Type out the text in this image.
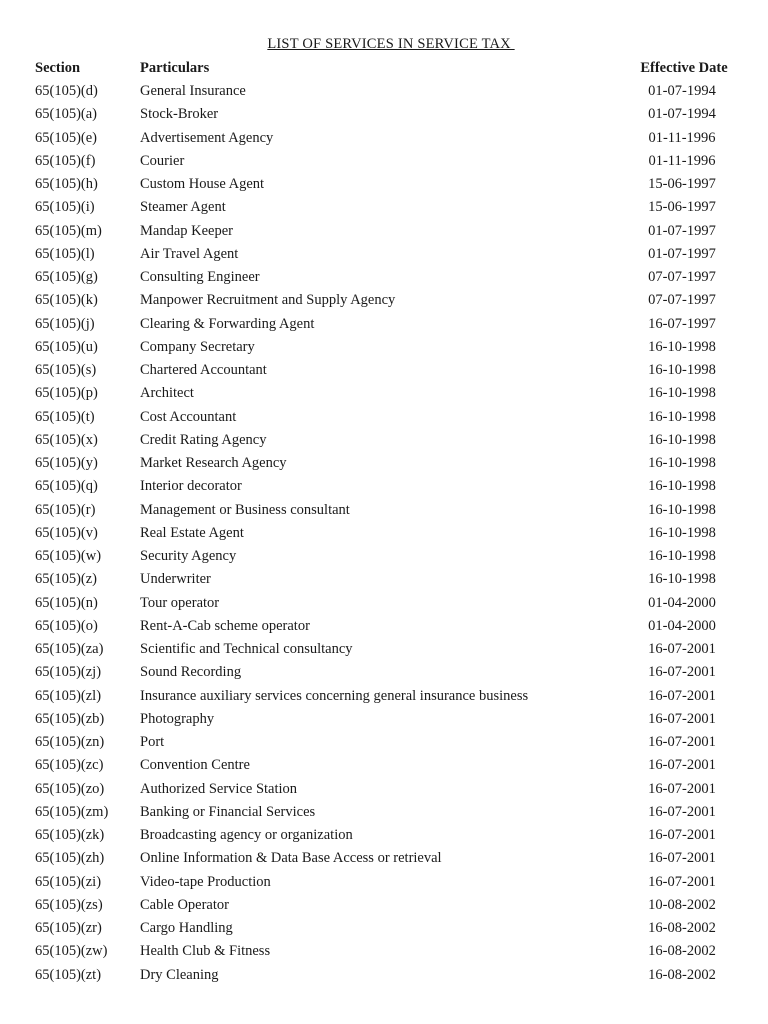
LIST OF SERVICES IN SERVICE TAX
Section	Particulars	Effective Date
65(105)(d)	General Insurance	01-07-1994
65(105)(a)	Stock-Broker	01-07-1994
65(105)(e)	Advertisement Agency	01-11-1996
65(105)(f)	Courier	01-11-1996
65(105)(h)	Custom House Agent	15-06-1997
65(105)(i)	Steamer Agent	15-06-1997
65(105)(m)	Mandap Keeper	01-07-1997
65(105)(l)	Air Travel Agent	01-07-1997
65(105)(g)	Consulting Engineer	07-07-1997
65(105)(k)	Manpower Recruitment and Supply Agency	07-07-1997
65(105)(j)	Clearing & Forwarding Agent	16-07-1997
65(105)(u)	Company Secretary	16-10-1998
65(105)(s)	Chartered Accountant	16-10-1998
65(105)(p)	Architect	16-10-1998
65(105)(t)	Cost Accountant	16-10-1998
65(105)(x)	Credit Rating Agency	16-10-1998
65(105)(y)	Market Research Agency	16-10-1998
65(105)(q)	Interior decorator	16-10-1998
65(105)(r)	Management or Business consultant	16-10-1998
65(105)(v)	Real Estate Agent	16-10-1998
65(105)(w)	Security Agency	16-10-1998
65(105)(z)	Underwriter	16-10-1998
65(105)(n)	Tour operator	01-04-2000
65(105)(o)	Rent-A-Cab scheme operator	01-04-2000
65(105)(za)	Scientific and Technical consultancy	16-07-2001
65(105)(zj)	Sound Recording	16-07-2001
65(105)(zl)	Insurance auxiliary services concerning general insurance business	16-07-2001
65(105)(zb) Photography	16-07-2001
65(105)(zn) Port	16-07-2001
65(105)(zc)	Convention Centre	16-07-2001
65(105)(zo) Authorized Service Station	16-07-2001
65(105)(zm) Banking or Financial Services	16-07-2001
65(105)(zk) Broadcasting agency or organization	16-07-2001
65(105)(zh) Online Information & Data Base Access or retrieval	16-07-2001
65(105)(zi)	Video-tape Production	16-07-2001
65(105)(zs)	Cable Operator	10-08-2002
65(105)(zr)	Cargo Handling	16-08-2002
65(105)(zw) Health Club & Fitness	16-08-2002
65(105)(zt)	Dry Cleaning	16-08-2002
